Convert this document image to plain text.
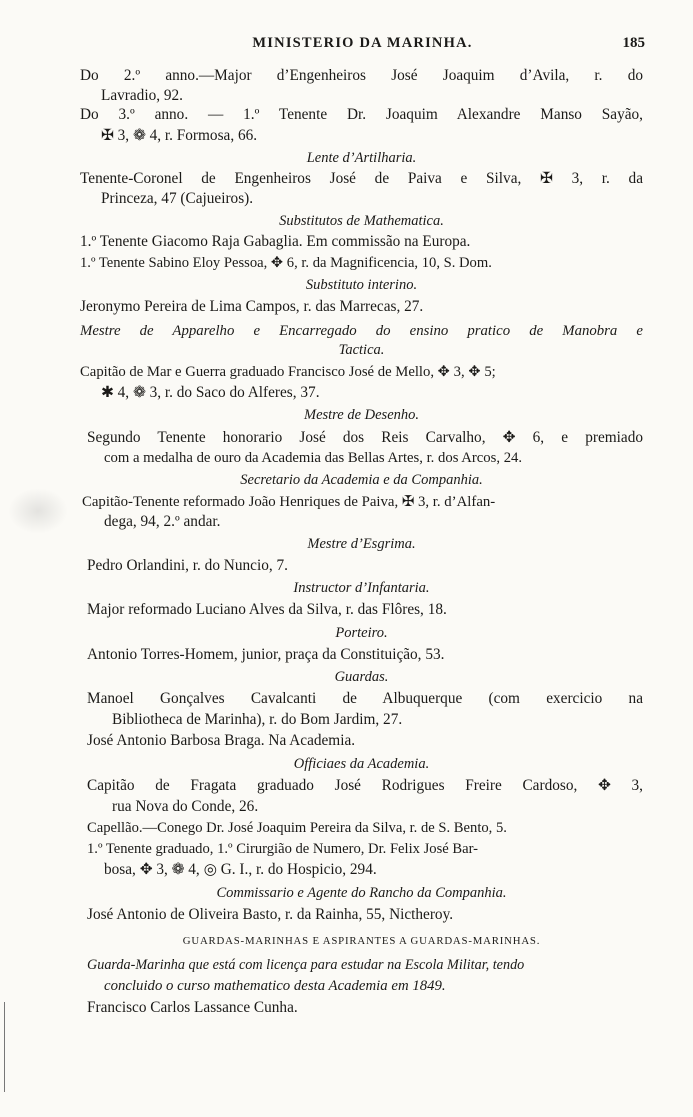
MINISTERIO DA MARINHA.	185
Do 2.º anno.—Major d’Engenheiros José Joaquim d’Avila, r. do
Lavradio, 92.
Do 3.º anno. — 1.º Tenente Dr. Joaquim Alexandre Manso Sayão,
✠ 3, ❁ 4, r. Formosa, 66.
Lente d’Artilharia.
Tenente-Coronel de Engenheiros José de Paiva e Silva, ✠ 3, r. da
Princeza, 47 (Cajueiros).
Substitutos de Mathematica.
1.º Tenente Giacomo Raja Gabaglia. Em commissão na Europa.
1.º Tenente Sabino Eloy Pessoa, ✥ 6, r. da Magnificencia, 10, S. Dom.
Substituto interino.
Jeronymo Pereira de Lima Campos, r. das Marrecas, 27.
Mestre de Apparelho e Encarregado do ensino pratico de Manobra e
Tactica.
Capitão de Mar e Guerra graduado Francisco José de Mello, ✥ 3, ✥ 5;
✱ 4, ❁ 3, r. do Saco do Alferes, 37.
Mestre de Desenho.
Segundo Tenente honorario José dos Reis Carvalho, ✥ 6, e premiado
com a medalha de ouro da Academia das Bellas Artes, r. dos Arcos, 24.
Secretario da Academia e da Companhia.
Capitão-Tenente reformado João Henriques de Paiva, ✠ 3, r. d’Alfan-
dega, 94, 2.º andar.
Mestre d’Esgrima.
Pedro Orlandini, r. do Nuncio, 7.
Instructor d’Infantaria.
Major reformado Luciano Alves da Silva, r. das Flôres, 18.
Porteiro.
Antonio Torres-Homem, junior, praça da Constituição, 53.
Guardas.
Manoel Gonçalves Cavalcanti de Albuquerque (com exercicio na
Bibliotheca de Marinha), r. do Bom Jardim, 27.
José Antonio Barbosa Braga. Na Academia.
Officiaes da Academia.
Capitão de Fragata graduado José Rodrigues Freire Cardoso, ✥ 3,
rua Nova do Conde, 26.
Capellão.—Conego Dr. José Joaquim Pereira da Silva, r. de S. Bento, 5.
1.º Tenente graduado, 1.º Cirurgião de Numero, Dr. Felix José Bar-
bosa, ✥ 3, ❁ 4, ◎ G. I., r. do Hospicio, 294.
Commissario e Agente do Rancho da Companhia.
José Antonio de Oliveira Basto, r. da Rainha, 55, Nictheroy.
GUARDAS-MARINHAS E ASPIRANTES A GUARDAS-MARINHAS.
Guarda-Marinha que está com licença para estudar na Escola Militar, tendo
concluido o curso mathematico desta Academia em 1849.
Francisco Carlos Lassance Cunha.
